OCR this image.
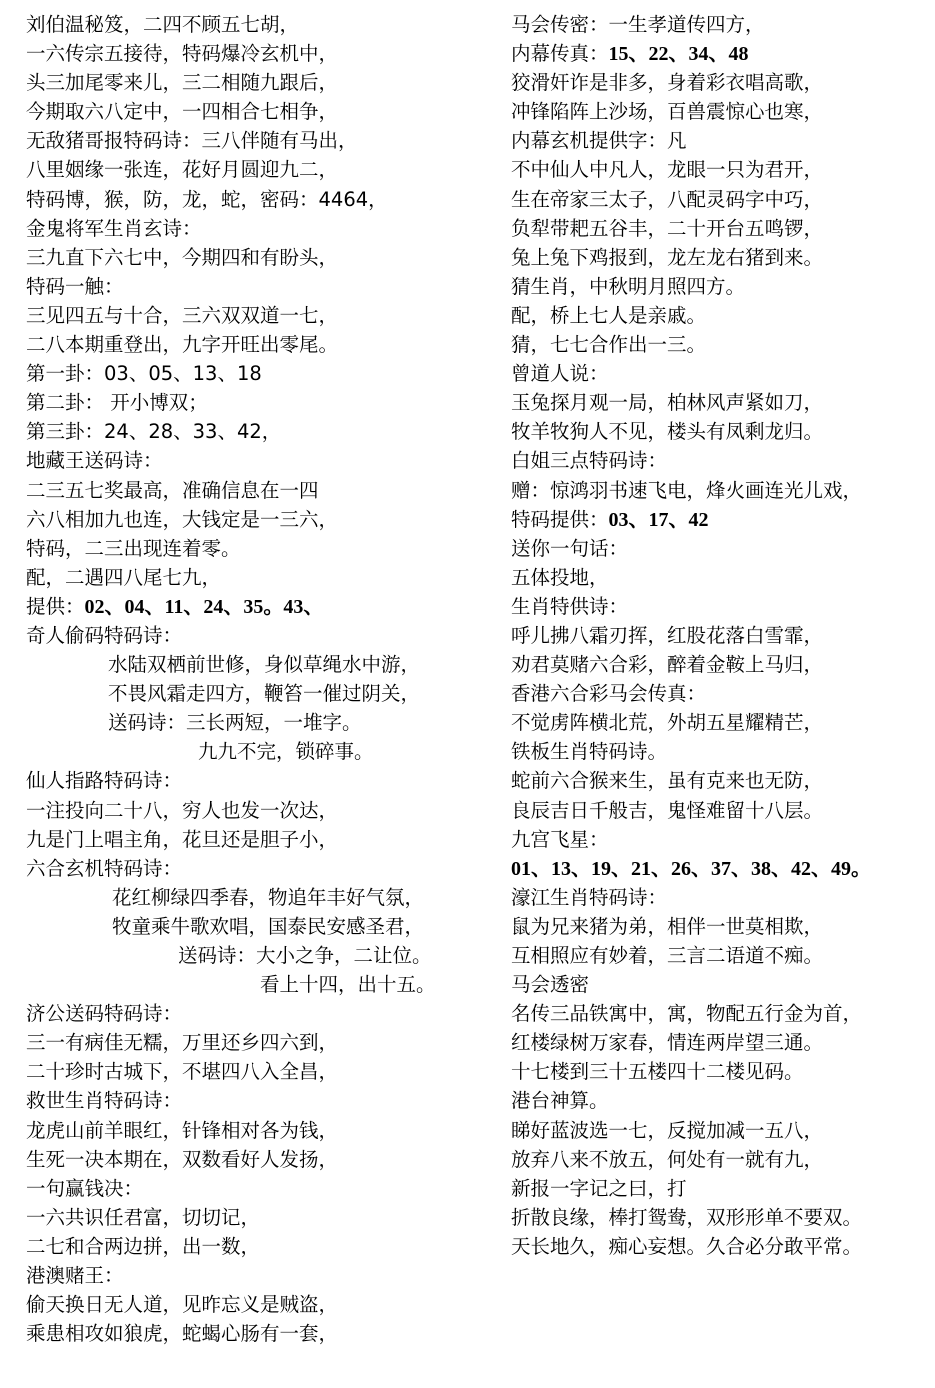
刘伯温秘笈，二四不顾五七胡，
一六传宗五接待，特码爆冷玄机中，
头三加尾零来儿，三二相随九跟后，
今期取六八定中，一四相合七相争，
无敌猪哥报特码诗：三八伴随有马出，
八里姻缘一张连，花好月圆迎九二，
特码博，猴，防，龙，蛇，密码：4464，
金鬼将军生肖玄诗：
三九直下六七中，今期四和有盼头，
特码一触：
三见四五与十合，三六双双道一七，
二八本期重登出，九字开旺出零尾。
第一卦：03、05、13、18
第二卦： 开小博双；
第三卦：24、28、33、42，
地藏王送码诗：
二三五七奖最高，准确信息在一四
六八相加九也连，大钱定是一三六，
特码，二三出现连着零。
配，二遇四八尾七九，
提供：02、04、11、24、35。43、
奇人偷码特码诗：
水陆双栖前世修，身似草绳水中游，
不畏风霜走四方，鞭笞一催过阴关，
送码诗：三长两短，一堆字。
九九不完，锁碎事。
仙人指路特码诗：
一注投向二十八，穷人也发一次达，
九是门上唱主角，花旦还是胆子小，
六合玄机特码诗：
花红柳绿四季春，物追年丰好气氛，
牧童乘牛歌欢唱，国泰民安感圣君，
送码诗：大小之争，二让位。
看上十四，出十五。
济公送码特码诗：
三一有病佳无糯，万里还乡四六到，
二十珍时古城下，不堪四八入全昌，
救世生肖特码诗：
龙虎山前羊眼红，针锋相对各为钱，
生死一决本期在，双数看好人发扬，
一句赢钱决：
一六共识任君富，切切记，
二七和合两边拼，出一数，
港澳赌王：
偷天换日无人道，见昨忘义是贼盗，
乘患相攻如狼虎，蛇蝎心肠有一套，
马会传密：一生孝道传四方，
内幕传真：15、22、34、48
狡滑奸诈是非多，身着彩衣唱高歌，
冲锋陷阵上沙场，百兽震惊心也寒，
内幕玄机提供字：凡
不中仙人中凡人，龙眼一只为君开，
生在帝家三太子，八配灵码字中巧，
负犁带耙五谷丰，二十开台五鸣锣，
兔上兔下鸡报到，龙左龙右猪到来。
猜生肖，中秋明月照四方。
配，桥上七人是亲戚。
猜，七七合作出一三。
曾道人说：
玉兔探月观一局，柏林风声紧如刀，
牧羊牧狗人不见，楼头有凤剩龙归。
白姐三点特码诗：
赠：惊鸿羽书速飞电，烽火画连光儿戏，
特码提供：03、17、42
送你一句话：
五体投地，
生肖特供诗：
呼儿拂八霜刃挥，红股花落白雪霏，
劝君莫赌六合彩，醉着金鞍上马归，
香港六合彩马会传真：
不觉虏阵横北荒，外胡五星耀精芒，
铁板生肖特码诗。
蛇前六合猴来生，虽有克来也无防，
良辰吉日千般吉，鬼怪难留十八层。
九宫飞星：
01、13、19、21、26、37、38、42、49。
濠江生肖特码诗：
鼠为兄来猪为弟，相伴一世莫相欺，
互相照应有妙着，三言二语道不痴。
马会透密
名传三品铁寓中，寓，物配五行金为首，
红楼绿树万家春，情连两岸望三通。
十七楼到三十五楼四十二楼见码。
港台神算。
睇好蓝波选一七，反搅加减一五八，
放弃八来不放五，何处有一就有九，
新报一字记之曰，打
折散良缘，棒打鸳鸯，双形形单不要双。
天长地久，痴心妄想。久合必分敢平常。
